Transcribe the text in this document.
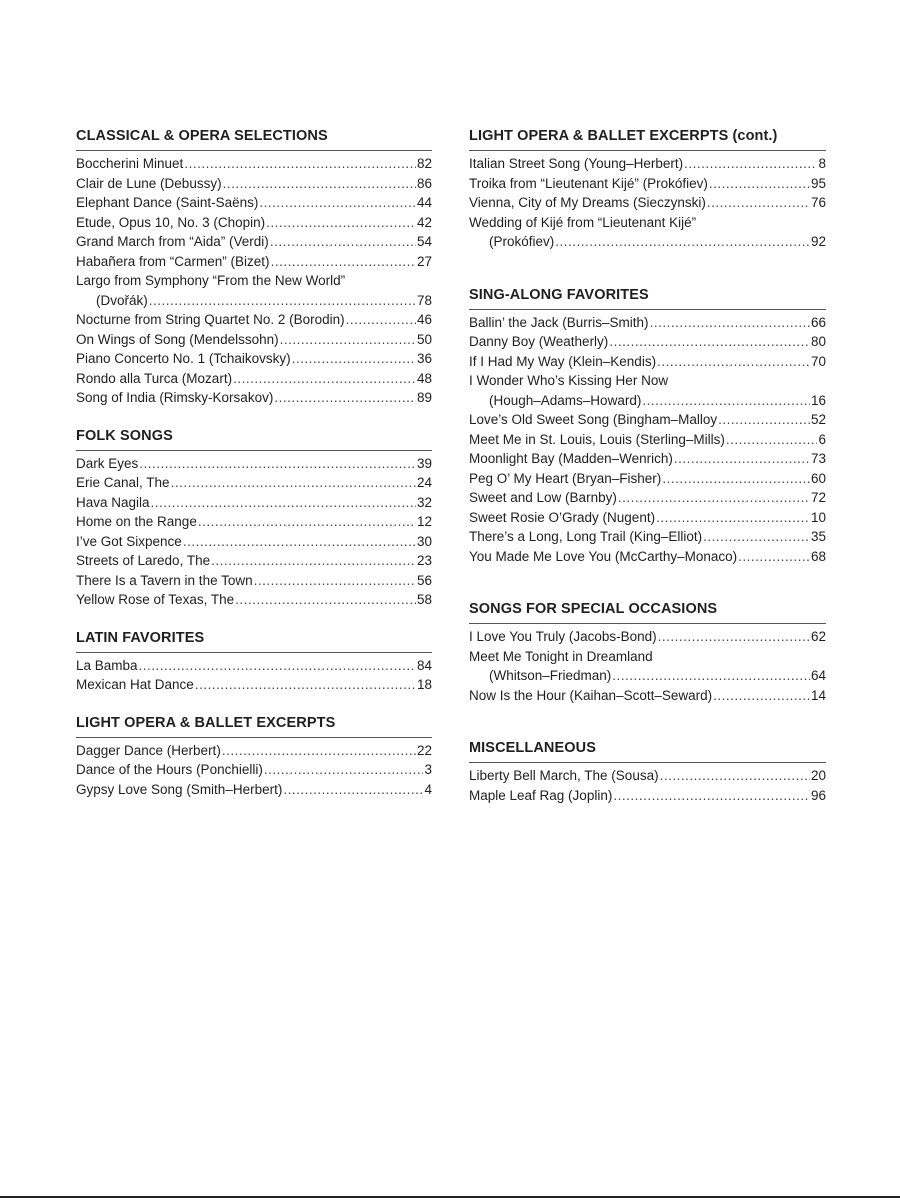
CLASSICAL & OPERA SELECTIONS
Boccherini Minuet .....	82
Clair de Lune (Debussy) .....	86
Elephant Dance (Saint-Saëns) .....	44
Etude, Opus 10, No. 3 (Chopin) .....	42
Grand March from “Aida” (Verdi) .....	54
Habañera from “Carmen” (Bizet) .....	27
Largo from Symphony “From the New World”
(Dvořák) .....	78
Nocturne from String Quartet No. 2 (Borodin) .....	46
On Wings of Song (Mendelssohn) .....	50
Piano Concerto No. 1 (Tchaikovsky) .....	36
Rondo alla Turca (Mozart) .....	48
Song of India (Rimsky-Korsakov) .....	89
FOLK SONGS
Dark Eyes .....	39
Erie Canal, The .....	24
Hava Nagila .....	32
Home on the Range .....	12
I’ve Got Sixpence .....	30
Streets of Laredo, The .....	23
There Is a Tavern in the Town .....	56
Yellow Rose of Texas, The .....	58
LATIN FAVORITES
La Bamba .....	84
Mexican Hat Dance .....	18
LIGHT OPERA & BALLET EXCERPTS
Dagger Dance (Herbert) .....	22
Dance of the Hours (Ponchielli) .....	3
Gypsy Love Song (Smith–Herbert) .....	4
LIGHT OPERA & BALLET EXCERPTS (cont.)
Italian Street Song (Young–Herbert) .....	8
Troika from “Lieutenant Kijé” (Prokófiev) .....	95
Vienna, City of My Dreams (Sieczynski) .....	76
Wedding of Kijé from “Lieutenant Kijé”
(Prokófiev) .....	92
SING-ALONG FAVORITES
Ballin’ the Jack (Burris–Smith) .....	66
Danny Boy (Weatherly) .....	80
If I Had My Way (Klein–Kendis) .....	70
I Wonder Who’s Kissing Her Now
(Hough–Adams–Howard) .....	16
Love’s Old Sweet Song (Bingham–Malloy .....	52
Meet Me in St. Louis, Louis (Sterling–Mills) .....	6
Moonlight Bay (Madden–Wenrich) .....	73
Peg O’ My Heart (Bryan–Fisher) .....	60
Sweet and Low (Barnby) .....	72
Sweet Rosie O’Grady (Nugent) .....	10
There’s a Long, Long Trail (King–Elliot) .....	35
You Made Me Love You (McCarthy–Monaco) .....	68
SONGS FOR SPECIAL OCCASIONS
I Love You Truly (Jacobs-Bond) .....	62
Meet Me Tonight in Dreamland
(Whitson–Friedman) .....	64
Now Is the Hour (Kaihan–Scott–Seward) .....	14
MISCELLANEOUS
Liberty Bell March, The (Sousa) .....	20
Maple Leaf Rag (Joplin) .....	96
